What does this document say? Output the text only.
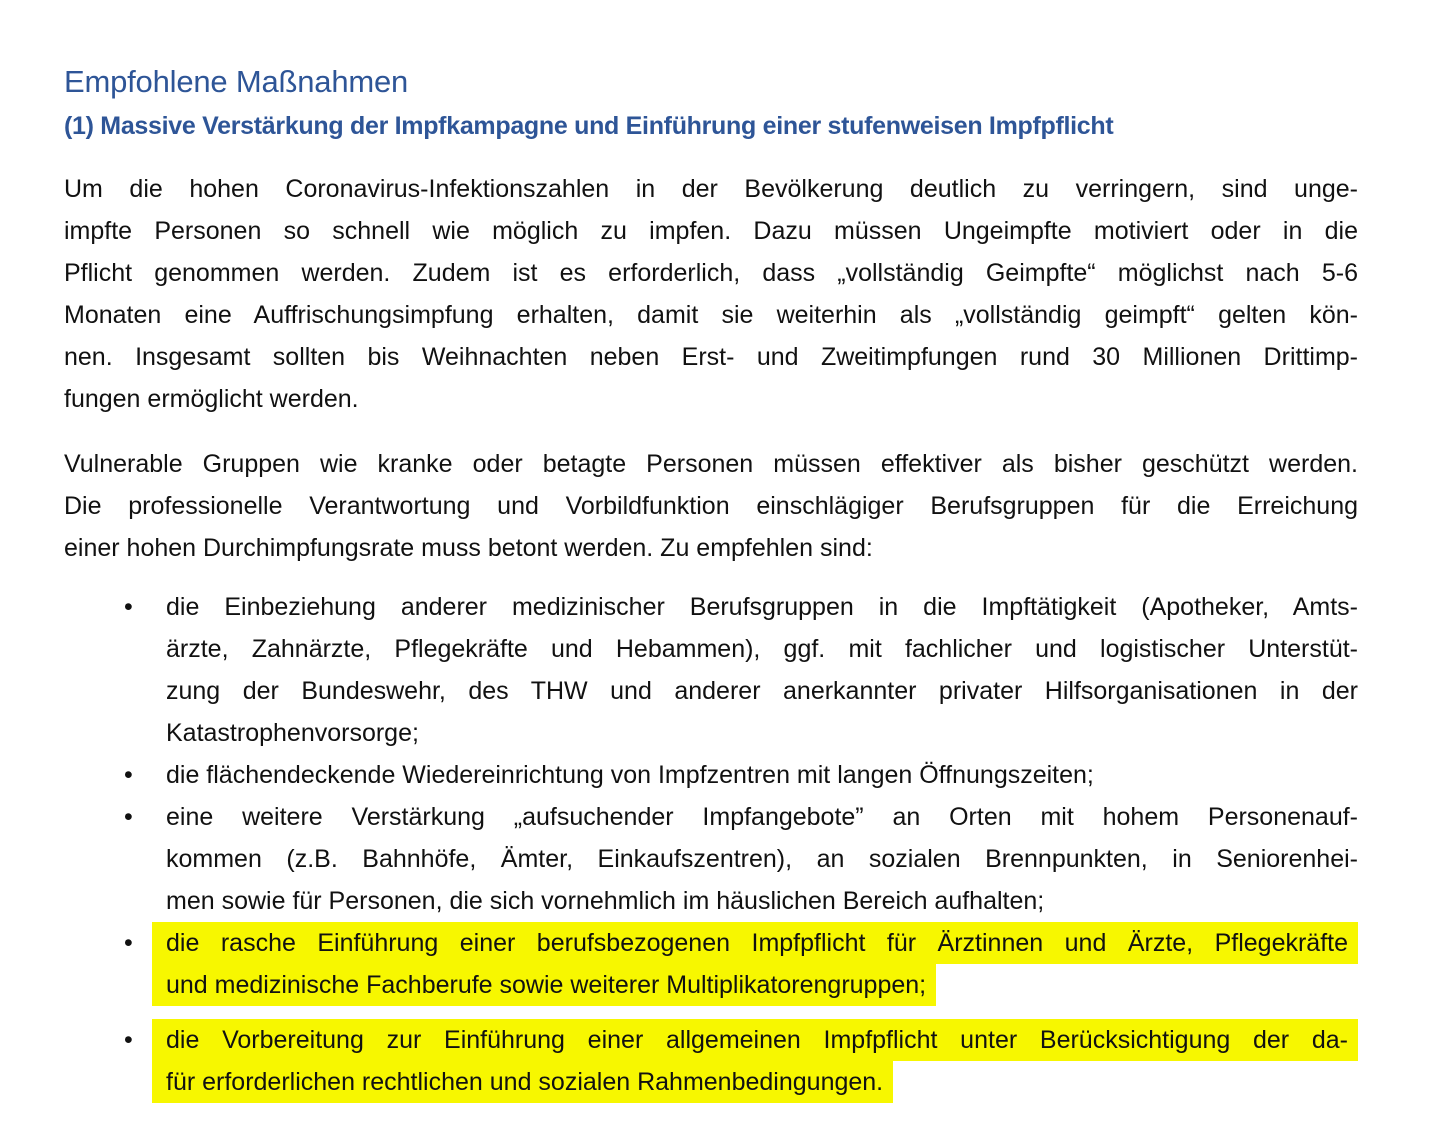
Empfohlene Maßnahmen
(1) Massive Verstärkung der Impfkampagne und Einführung einer stufenweisen Impfpflicht

Um die hohen Coronavirus-Infektionszahlen in der Bevölkerung deutlich zu verringern, sind unge-
impfte Personen so schnell wie möglich zu impfen. Dazu müssen Ungeimpfte motiviert oder in die
Pflicht genommen werden. Zudem ist es erforderlich, dass „vollständig Geimpfte“ möglichst nach 5-6
Monaten eine Auffrischungsimpfung erhalten, damit sie weiterhin als „vollständig geimpft“ gelten kön-
nen. Insgesamt sollten bis Weihnachten neben Erst- und Zweitimpfungen rund 30 Millionen Drittimp-
fungen ermöglicht werden.

Vulnerable Gruppen wie kranke oder betagte Personen müssen effektiver als bisher geschützt werden.
Die professionelle Verantwortung und Vorbildfunktion einschlägiger Berufsgruppen für die Erreichung
einer hohen Durchimpfungsrate muss betont werden. Zu empfehlen sind:

• die Einbeziehung anderer medizinischer Berufsgruppen in die Impftätigkeit (Apotheker, Amts-
ärzte, Zahnärzte, Pflegekräfte und Hebammen), ggf. mit fachlicher und logistischer Unterstüt-
zung der Bundeswehr, des THW und anderer anerkannter privater Hilfsorganisationen in der
Katastrophenvorsorge;
• die flächendeckende Wiedereinrichtung von Impfzentren mit langen Öffnungszeiten;
• eine weitere Verstärkung „aufsuchender Impfangebote” an Orten mit hohem Personenauf-
kommen (z.B. Bahnhöfe, Ämter, Einkaufszentren), an sozialen Brennpunkten, in Seniorenhei-
men sowie für Personen, die sich vornehmlich im häuslichen Bereich aufhalten;
•	die rasche Einführung einer berufsbezogenen Impfpflicht für Ärztinnen und Ärzte, Pflegekräfte
und medizinische Fachberufe sowie weiterer Multiplikatorengruppen;
•	die Vorbereitung zur Einführung einer allgemeinen Impfpflicht unter Berücksichtigung der da-
für erforderlichen rechtlichen und sozialen Rahmenbedingungen.
